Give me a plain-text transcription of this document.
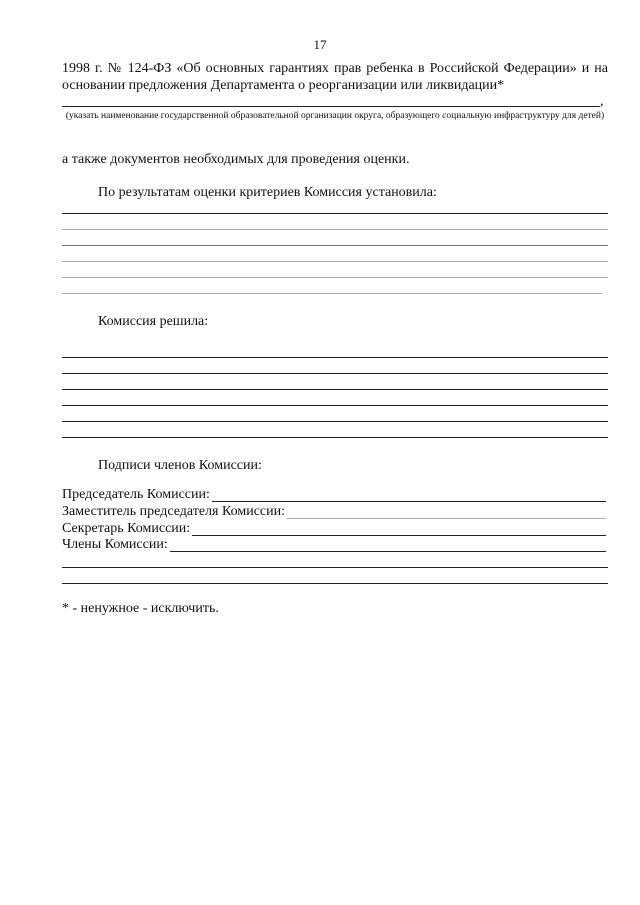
17
1998 г. № 124-ФЗ «Об основных гарантиях прав ребенка в Российской Федерации» и на основании предложения Департамента о реорганизации или ликвидации*
,
(указать наименование государственной образовательной организации округа, образующего социальную инфраструктуру для детей)
а также документов необходимых для проведения оценки.
По результатам оценки критериев Комиссия установила:
Комиссия решила:
Подписи членов Комиссии:
Председатель Комиссии:
Заместитель председателя Комиссии:
Секретарь Комиссии:
Члены Комиссии:
* - ненужное - исключить.
